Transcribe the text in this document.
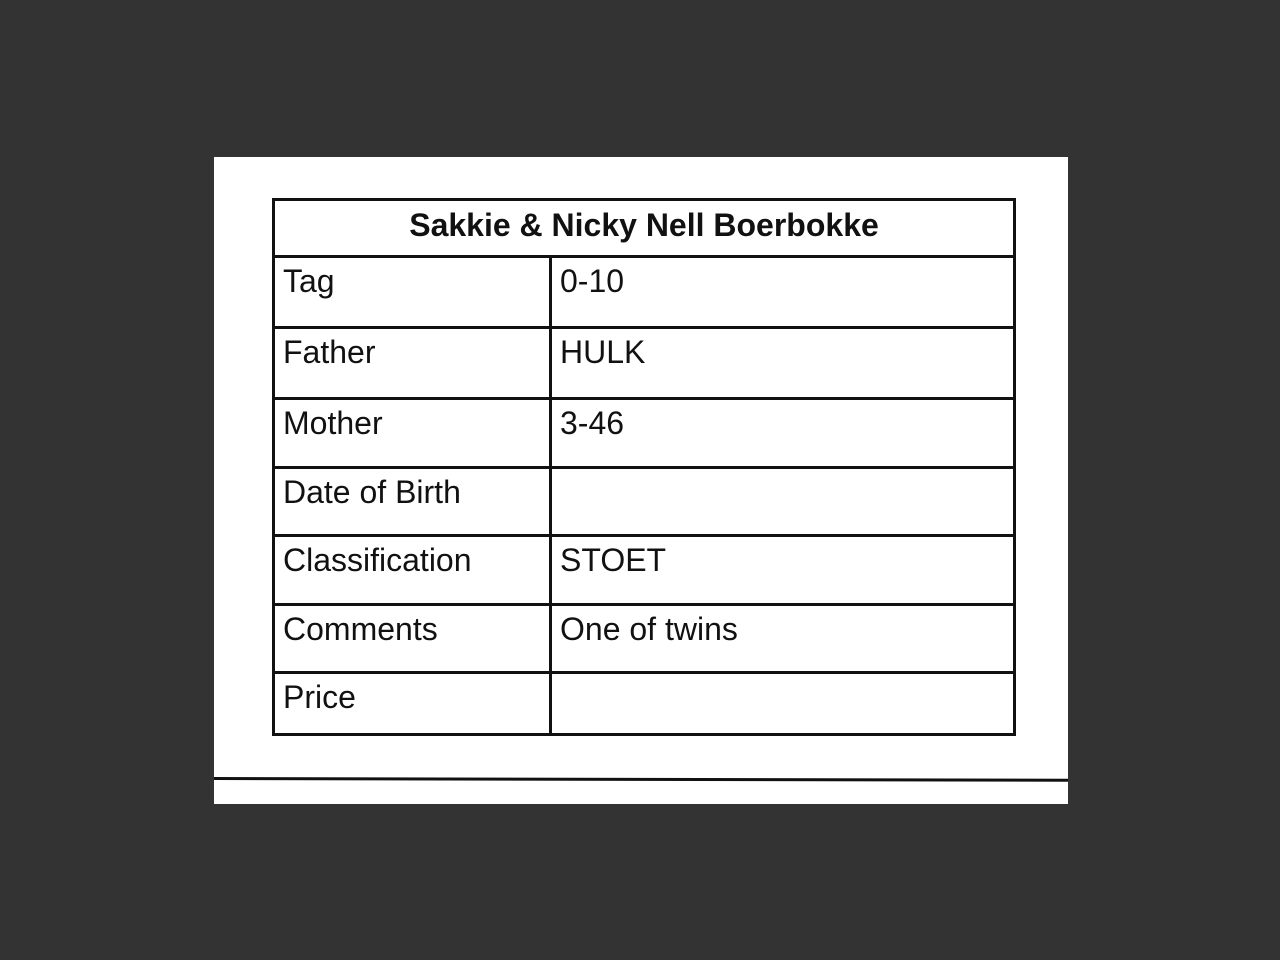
Sakkie & Nicky Nell Boerbokke	
Tag	0-10
Father	HULK
Mother	3-46
Date of Birth	
Classification	STOET
Comments	One of twins
Price	
